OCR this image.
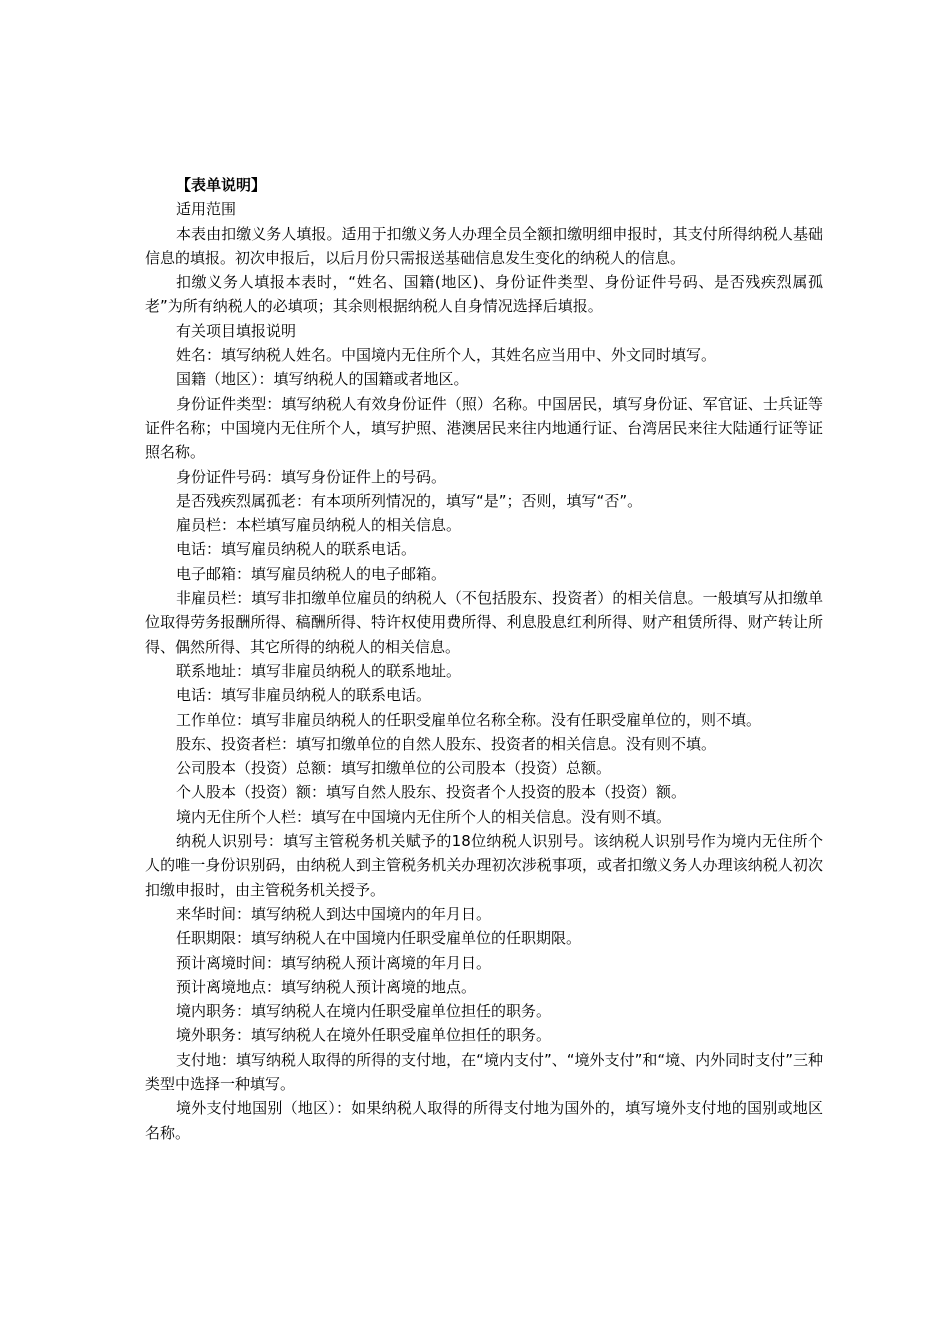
【表单说明】

适用范围

本表由扣缴义务人填报。适用于扣缴义务人办理全员全额扣缴明细申报时，其支付所得纳税人基础信息的填报。初次申报后，以后月份只需报送基础信息发生变化的纳税人的信息。

扣缴义务人填报本表时，“姓名、国籍(地区)、身份证件类型、身份证件号码、是否残疾烈属孤老”为所有纳税人的必填项；其余则根据纳税人自身情况选择后填报。

有关项目填报说明

姓名：填写纳税人姓名。中国境内无住所个人，其姓名应当用中、外文同时填写。

国籍（地区）：填写纳税人的国籍或者地区。

身份证件类型：填写纳税人有效身份证件（照）名称。中国居民，填写身份证、军官证、士兵证等证件名称；中国境内无住所个人，填写护照、港澳居民来往内地通行证、台湾居民来往大陆通行证等证照名称。

身份证件号码：填写身份证件上的号码。

是否残疾烈属孤老：有本项所列情况的，填写“是”；否则，填写“否”。

雇员栏：本栏填写雇员纳税人的相关信息。

电话：填写雇员纳税人的联系电话。

电子邮箱：填写雇员纳税人的电子邮箱。

非雇员栏：填写非扣缴单位雇员的纳税人（不包括股东、投资者）的相关信息。一般填写从扣缴单位取得劳务报酬所得、稿酬所得、特许权使用费所得、利息股息红利所得、财产租赁所得、财产转让所得、偶然所得、其它所得的纳税人的相关信息。

联系地址：填写非雇员纳税人的联系地址。

电话：填写非雇员纳税人的联系电话。

工作单位：填写非雇员纳税人的任职受雇单位名称全称。没有任职受雇单位的，则不填。

股东、投资者栏：填写扣缴单位的自然人股东、投资者的相关信息。没有则不填。

公司股本（投资）总额：填写扣缴单位的公司股本（投资）总额。

个人股本（投资）额：填写自然人股东、投资者个人投资的股本（投资）额。

境内无住所个人栏：填写在中国境内无住所个人的相关信息。没有则不填。

纳税人识别号：填写主管税务机关赋予的18位纳税人识别号。该纳税人识别号作为境内无住所个人的唯一身份识别码，由纳税人到主管税务机关办理初次涉税事项，或者扣缴义务人办理该纳税人初次扣缴申报时，由主管税务机关授予。

来华时间：填写纳税人到达中国境内的年月日。

任职期限：填写纳税人在中国境内任职受雇单位的任职期限。

预计离境时间：填写纳税人预计离境的年月日。

预计离境地点：填写纳税人预计离境的地点。

境内职务：填写纳税人在境内任职受雇单位担任的职务。

境外职务：填写纳税人在境外任职受雇单位担任的职务。

支付地：填写纳税人取得的所得的支付地，在“境内支付”、“境外支付”和“境、内外同时支付”三种类型中选择一种填写。

境外支付地国别（地区）：如果纳税人取得的所得支付地为国外的，填写境外支付地的国别或地区名称。
